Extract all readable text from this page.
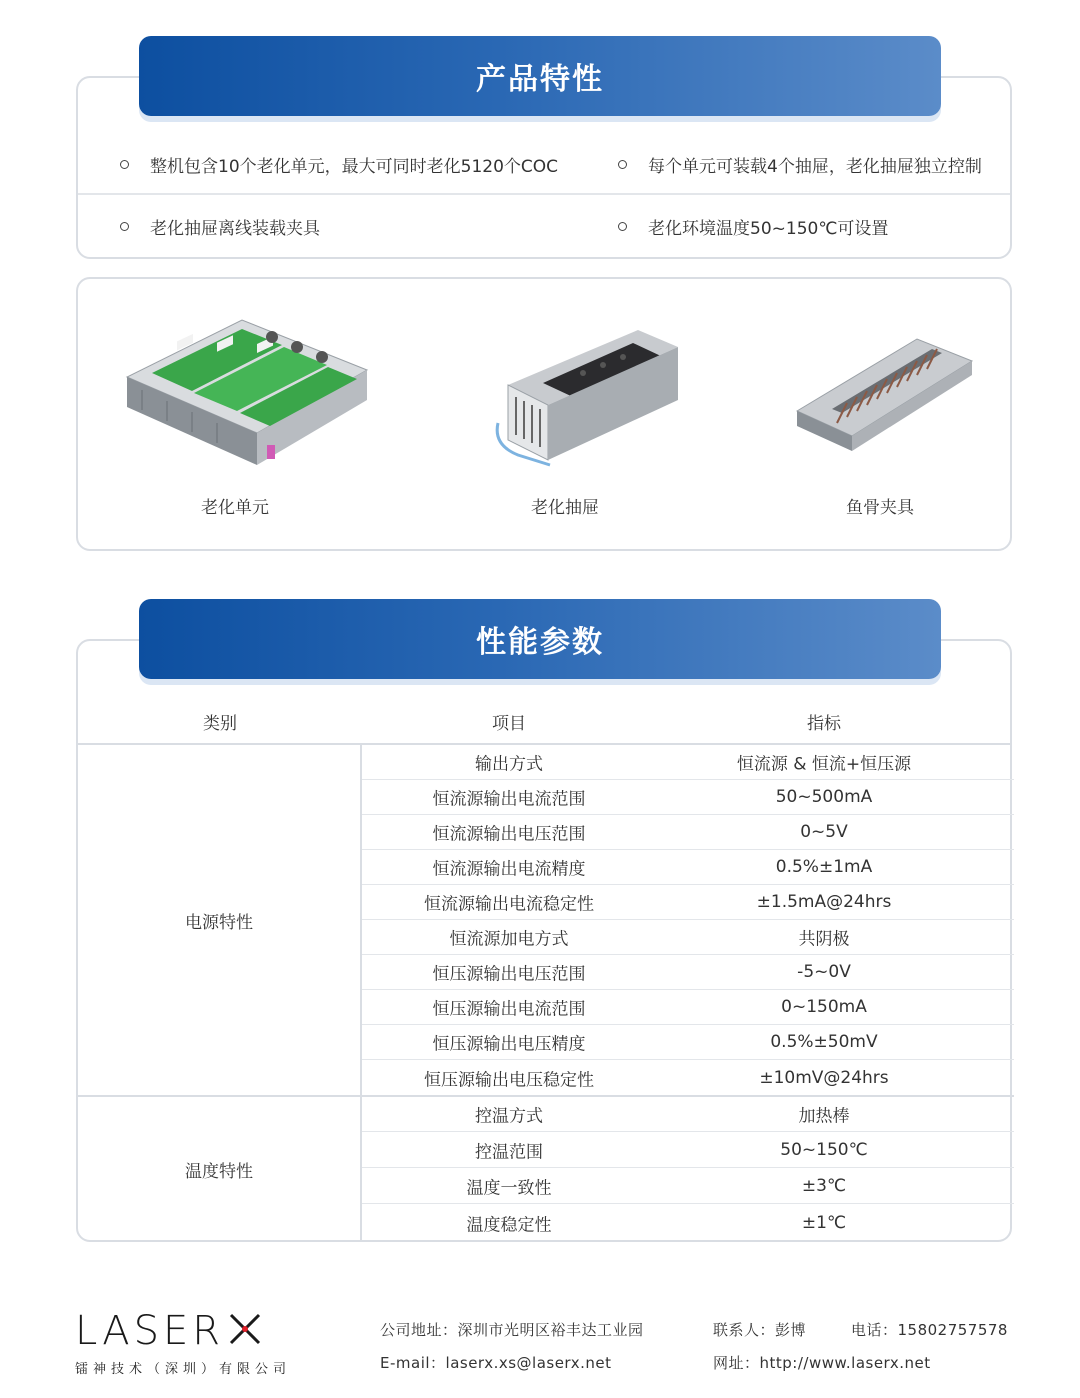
整机包含10个老化单元，最大可同时老化5120个COC	每个单元可装载4个抽屉，老化抽屉独立控制
老化抽屉离线装载夹具	老化环境温度50~150℃可设置
产品特性
老化单元	老化抽屉	鱼骨夹具
类别	项目	指标
电源特性
温度特性
输出方式	恒流源 & 恒流+恒压源
恒流源输出电流范围	50~500mA
恒流源输出电压范围	0~5V
恒流源输出电流精度	0.5%±1mA
恒流源输出电流稳定性	±1.5mA@24hrs
恒流源加电方式	共阴极
恒压源输出电压范围	-5~0V
恒压源输出电流范围	0~150mA
恒压源输出电压精度	0.5%±50mV
恒压源输出电压稳定性	±10mV@24hrs
控温方式	加热棒
控温范围	50~150℃
温度一致性	±3℃
温度稳定性	±1℃
性能参数
LASER
镭神技术（深圳）有限公司
公司地址：深圳市光明区裕丰达工业园	联系人：彭博	电话：15802757578
E-mail：laserx.xs@laserx.net	网址：http://www.laserx.net
